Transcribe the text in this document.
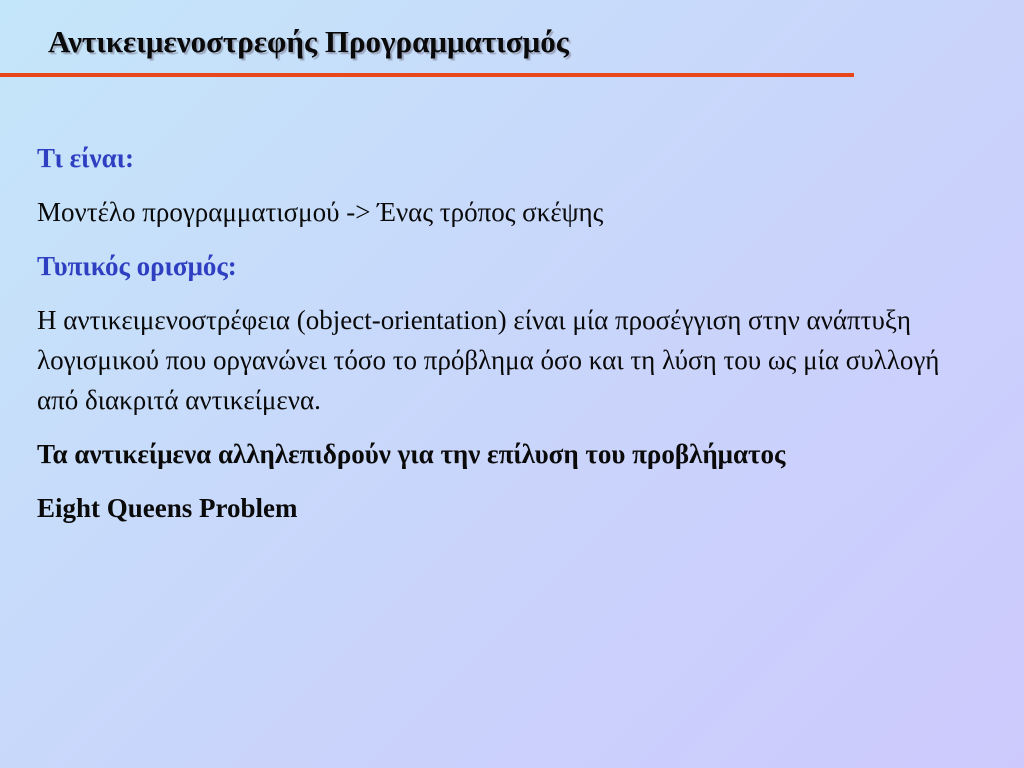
Αντικειμενοστρεφής Προγραμματισμός

Τι είναι:

Μοντέλο προγραμματισμού -> Ένας τρόπος σκέψης

Τυπικός ορισμός:

Η αντικειμενοστρέφεια (object-orientation) είναι μία προσέγγιση στην ανάπτυξη λογισμικού που οργανώνει τόσο το πρόβλημα όσο και τη λύση του ως μία συλλογή από διακριτά αντικείμενα.

Τα αντικείμενα αλληλεπιδρούν για την επίλυση του προβλήματος

Eight Queens Problem
